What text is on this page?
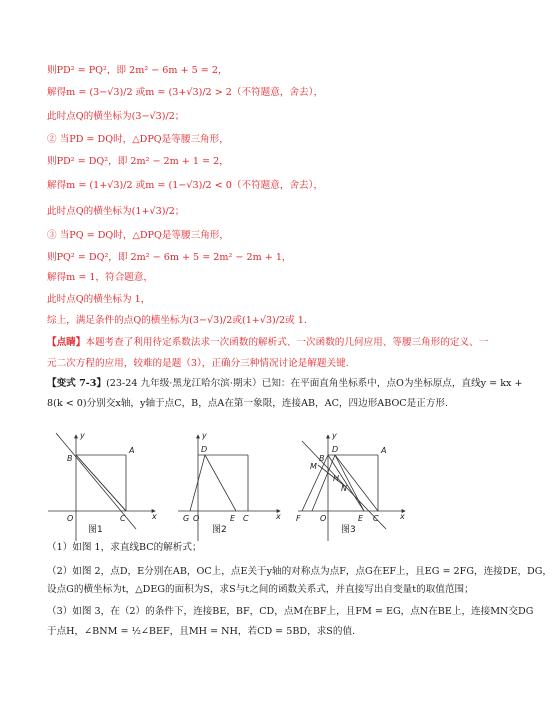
则PD² = PQ²，即 2m² − 6m + 5 = 2，
解得m = (3−√3)/2 或m = (3+√3)/2 > 2（不符题意，舍去），
此时点Q的横坐标为(3−√3)/2；
② 当PD = DQ时，△DPQ是等腰三角形，
则PD² = DQ²，即 2m² − 2m + 1 = 2，
解得m = (1+√3)/2 或m = (1−√3)/2 < 0（不符题意，舍去），
此时点Q的横坐标为(1+√3)/2；
③ 当PQ = DQ时，△DPQ是等腰三角形，
则PQ² = DQ²，即 2m² − 6m + 5 = 2m² − 2m + 1，
解得m = 1，符合题意，
此时点Q的横坐标为 1，
综上，满足条件的点Q的横坐标为(3−√3)/2或(1+√3)/2或 1.
【点睛】本题考查了利用待定系数法求一次函数的解析式、一次函数的几何应用、等腰三角形的定义、一
元二次方程的应用，较难的是题（3），正确分三种情况讨论是解题关键.
【变式 7-3】(23-24 九年级·黑龙江哈尔滨·期末）已知：在平面直角坐标系中，点O为坐标原点，直线y = kx +
8(k < 0)分别交x轴，y轴于点C，B，点A在第一象限，连接AB，AC，四边形ABOC是正方形.
y
x
O
A
B
C
y
x
G O
D
E C
y
x
F O
B
D	A
M
H
N
E C
图1	图2	图3
（1）如图 1，求直线BC的解析式；
（2）如图 2，点D，E分别在AB，OC上，点E关于y轴的对称点为点F，点G在EF上，且EG = 2FG，连接DE，DG，
设点G的横坐标为t，△DEG的面积为S，求S与t之间的函数关系式，并直接写出自变量t的取值范围；
（3）如图 3，在（2）的条件下，连接BE，BF，CD，点M在BF上，且FM = EG，点N在BE上，连接MN交DG
于点H，∠BNM = ½∠BEF，且MH = NH，若CD = 5BD，求S的值.
